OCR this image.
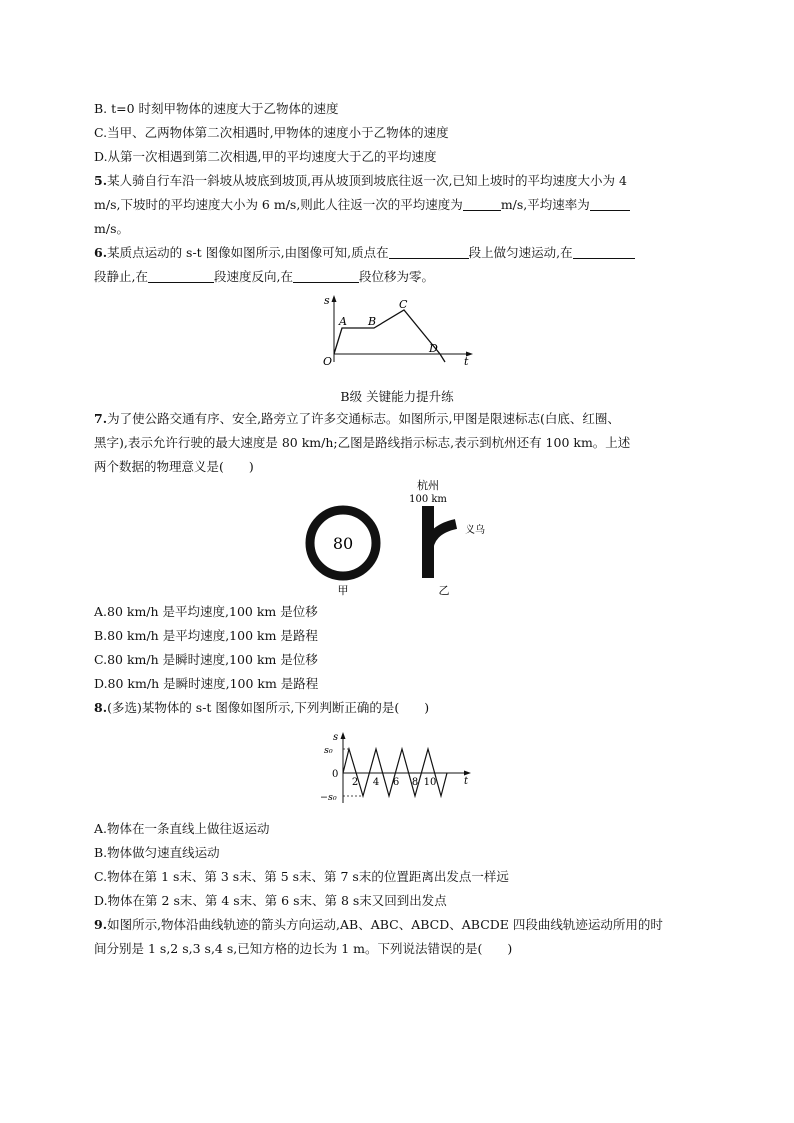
B. t=0 时刻甲物体的速度大于乙物体的速度
C.当甲、乙两物体第二次相遇时,甲物体的速度小于乙物体的速度
D.从第一次相遇到第二次相遇,甲的平均速度大于乙的平均速度
5.某人骑自行车沿一斜坡从坡底到坡顶,再从坡顶到坡底往返一次,已知上坡时的平均速度大小为 4
m/s,下坡时的平均速度大小为 6 m/s,则此人往返一次的平均速度为	m/s,平均速率为
m/s。
6.某质点运动的 s-t 图像如图所示,由图像可知,质点在	段上做匀速运动,在
段静止,在	段速度反向,在	段位移为零。
s
t
O
A B
C
D
B级 关键能力提升练
7.为了使公路交通有序、安全,路旁立了许多交通标志。如图所示,甲图是限速标志(白底、红圈、
黑字),表示允许行驶的最大速度是 80 km/h;乙图是路线指示标志,表示到杭州还有 100 km。上述
两个数据的物理意义是(　　)
80
甲
杭州
100 km
义乌
乙
A.80 km/h 是平均速度,100 km 是位移
B.80 km/h 是平均速度,100 km 是路程
C.80 km/h 是瞬时速度,100 km 是位移
D.80 km/h 是瞬时速度,100 km 是路程
8.(多选)某物体的 s-t 图像如图所示,下列判断正确的是(　　)
s
t
s₀
0
−s₀
2 4 6 8 10
A.物体在一条直线上做往返运动
B.物体做匀速直线运动
C.物体在第 1 s末、第 3 s末、第 5 s末、第 7 s末的位置距离出发点一样远
D.物体在第 2 s末、第 4 s末、第 6 s末、第 8 s末又回到出发点
9.如图所示,物体沿曲线轨迹的箭头方向运动,AB、ABC、ABCD、ABCDE 四段曲线轨迹运动所用的时
间分别是 1 s,2 s,3 s,4 s,已知方格的边长为 1 m。下列说法错误的是(　　)
